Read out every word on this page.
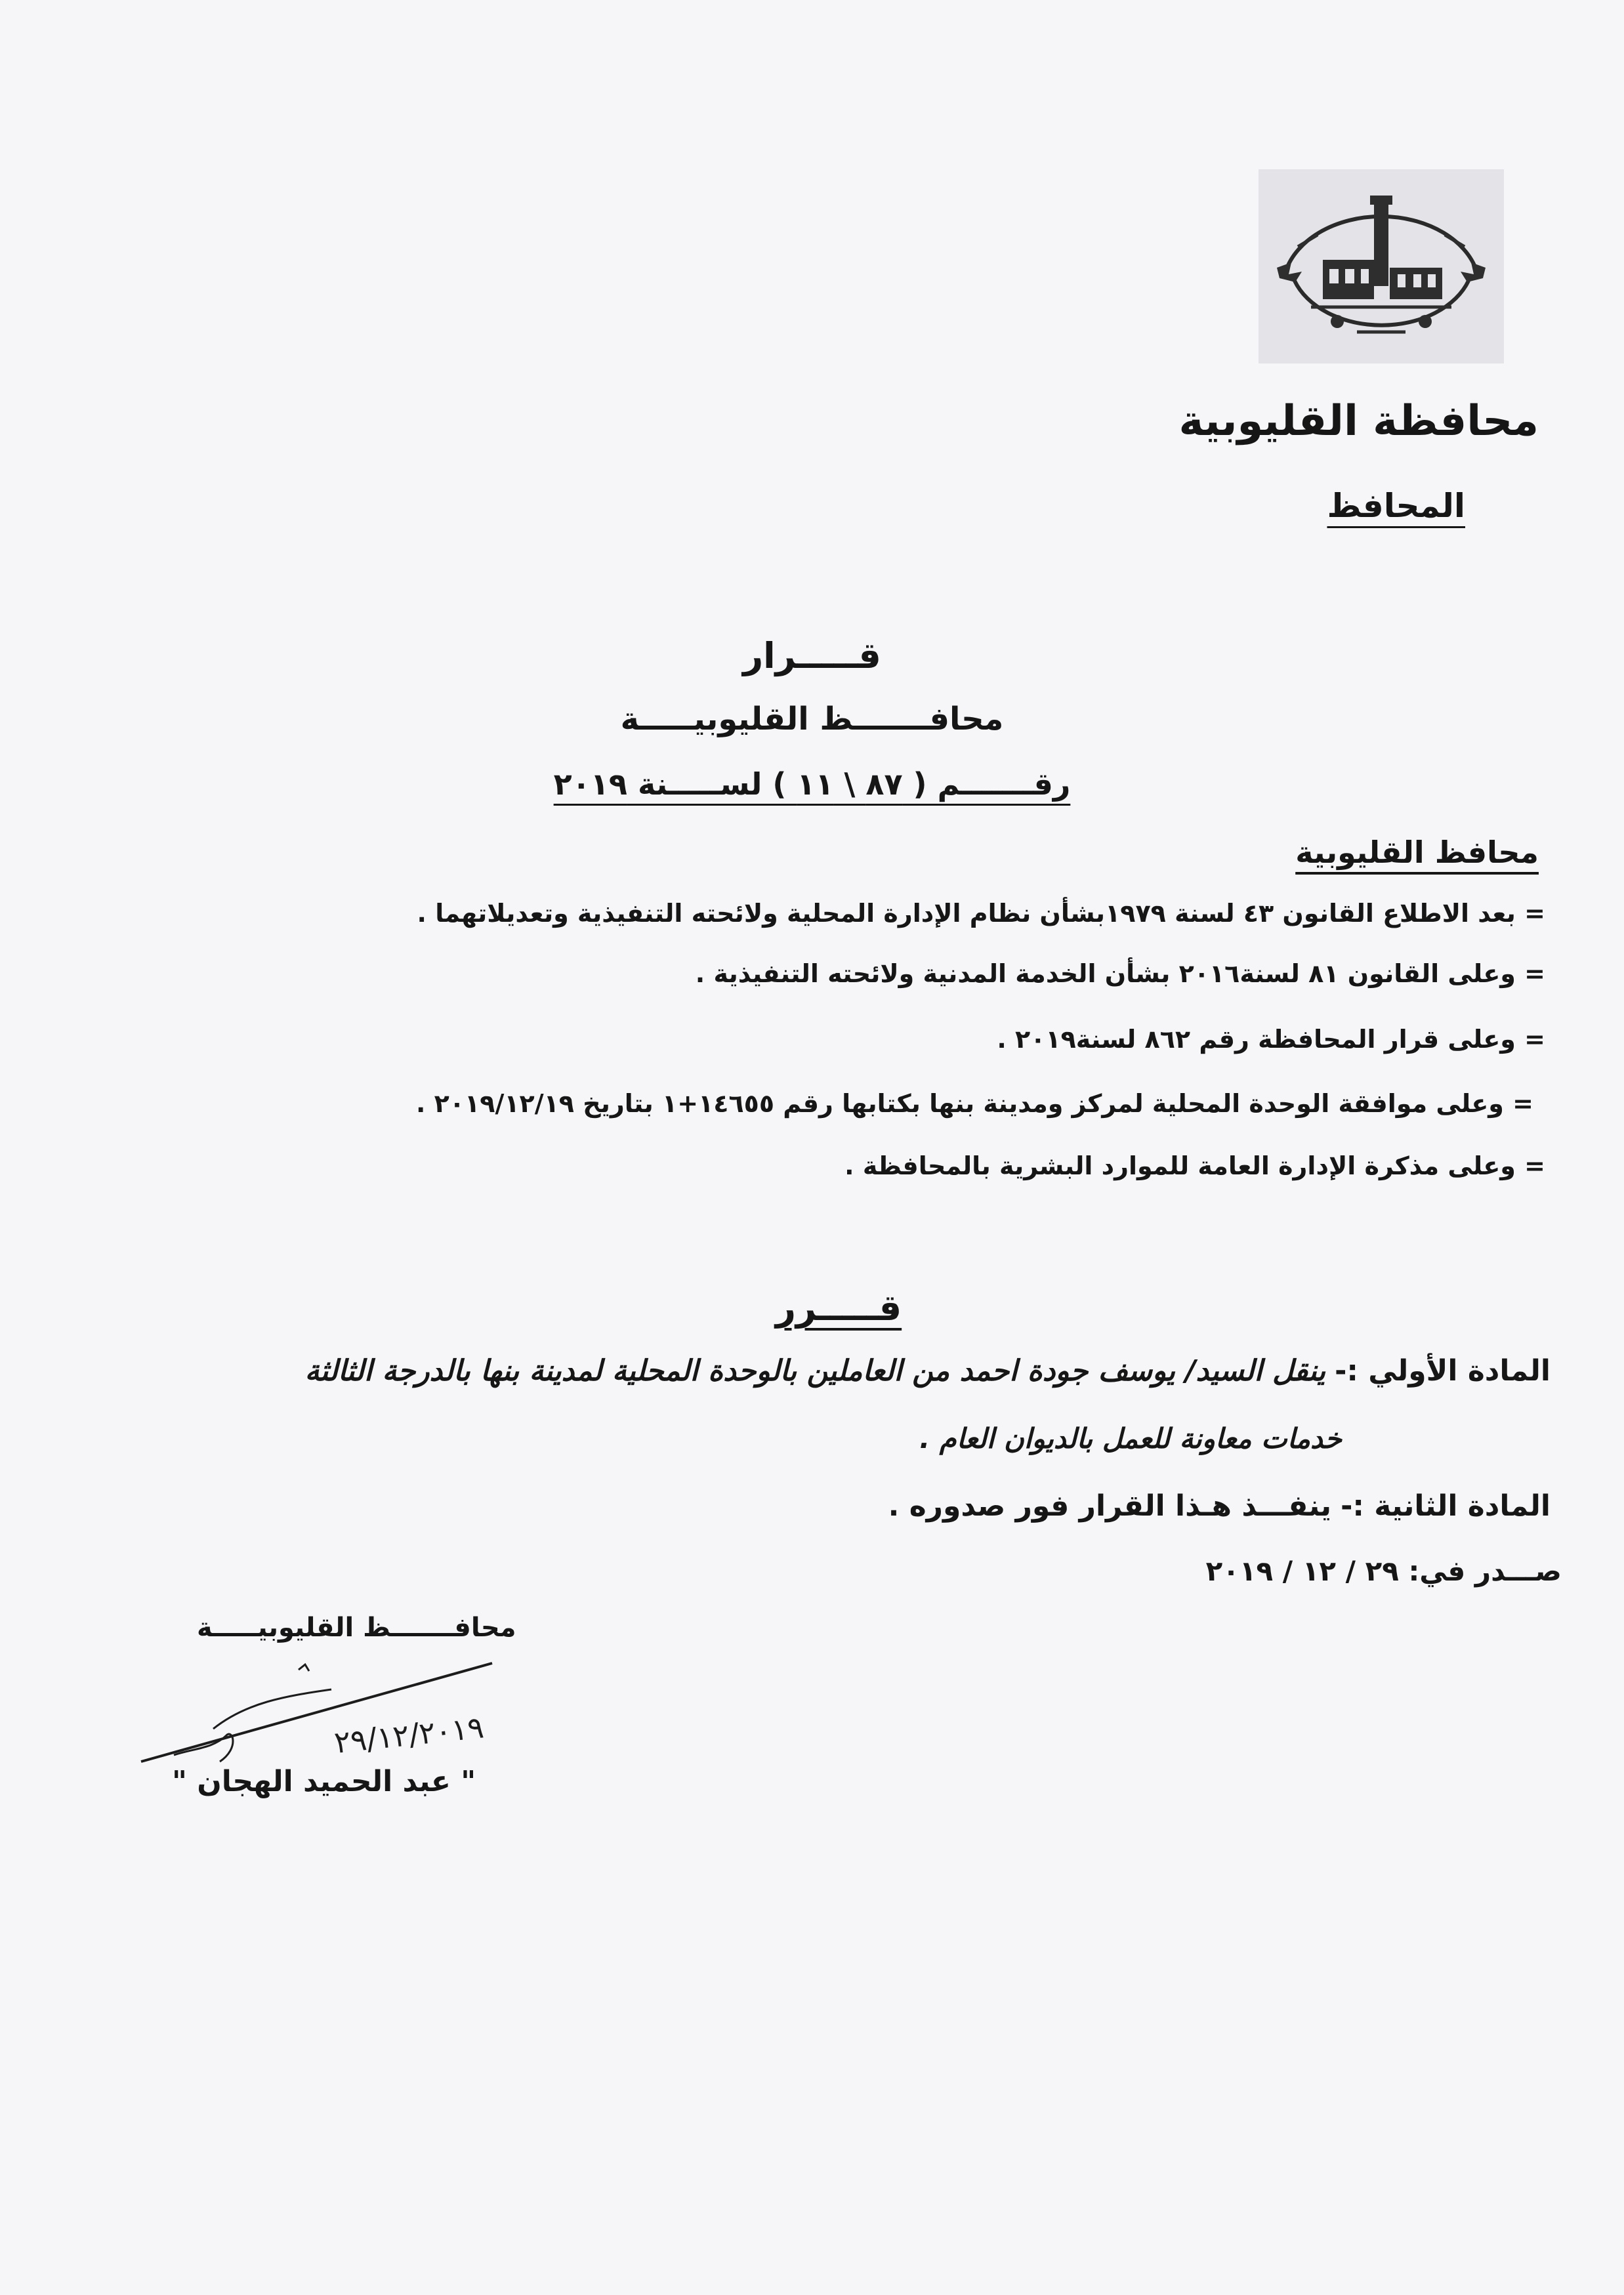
محافظة القليوبية
المحافظ
قـــــرار
محافـــــــظ القليوبيـــــة
رقـــــــم ( ٨٧ \ ١١ ) لســـــنة ٢٠١٩
محافظ القليوبية
= بعد الاطلاع القانون ٤٣ لسنة ١٩٧٩بشأن نظام الإدارة المحلية ولائحته التنفيذية وتعديلاتهما .
= وعلى القانون ٨١ لسنة٢٠١٦ بشأن الخدمة المدنية ولائحته التنفيذية .
= وعلى قرار المحافظة رقم ٨٦٢ لسنة٢٠١٩ .
= وعلى موافقة الوحدة المحلية لمركز ومدينة بنها بكتابها رقم ١٤٦٥٥+١ بتاريخ ٢٠١٩/١٢/١٩ .
= وعلى مذكرة الإدارة العامة للموارد البشرية بالمحافظة .
قـــــرر
المادة الأولي :- ينقل السيد/ يوسف جودة احمد من العاملين بالوحدة المحلية لمدينة بنها بالدرجة الثالثة
خدمات معاونة للعمل بالديوان العام .
المادة الثانية :- ينفـــذ هـذا القرار فور صدوره .
صـــدر في: ٢٩ / ١٢ / ٢٠١٩
محافـــــــظ القليوبيـــــة
٢٩/١٢/٢٠١٩
" عبد الحميد الهجان "
